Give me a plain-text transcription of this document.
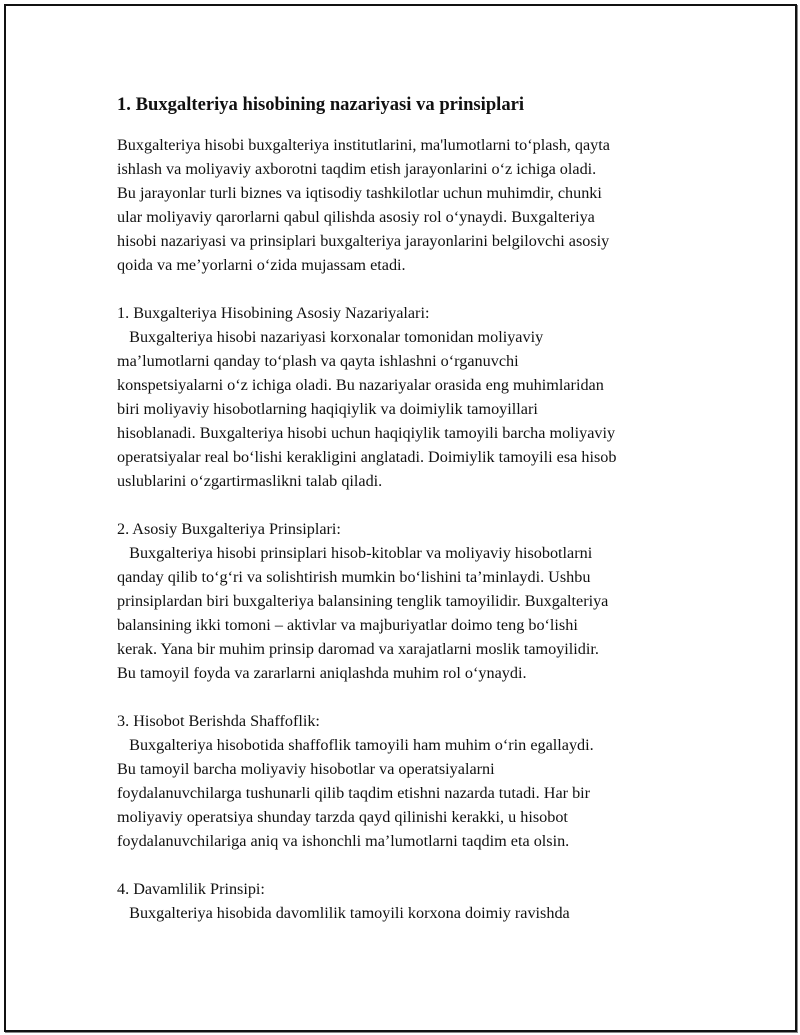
1. Buxgalteriya hisobining nazariyasi va prinsiplari
Buxgalteriya hisobi buxgalteriya institutlarini, ma'lumotlarni to‘plash, qayta
ishlash va moliyaviy axborotni taqdim etish jarayonlarini o‘z ichiga oladi.
Bu jarayonlar turli biznes va iqtisodiy tashkilotlar uchun muhimdir, chunki
ular moliyaviy qarorlarni qabul qilishda asosiy rol o‘ynaydi. Buxgalteriya
hisobi nazariyasi va prinsiplari buxgalteriya jarayonlarini belgilovchi asosiy
qoida va me’yorlarni o‘zida mujassam etadi.
1. Buxgalteriya Hisobining Asosiy Nazariyalari:
Buxgalteriya hisobi nazariyasi korxonalar tomonidan moliyaviy
ma’lumotlarni qanday to‘plash va qayta ishlashni o‘rganuvchi
konspetsiyalarni o‘z ichiga oladi. Bu nazariyalar orasida eng muhimlaridan
biri moliyaviy hisobotlarning haqiqiylik va doimiylik tamoyillari
hisoblanadi. Buxgalteriya hisobi uchun haqiqiylik tamoyili barcha moliyaviy
operatsiyalar real bo‘lishi kerakligini anglatadi. Doimiylik tamoyili esa hisob
uslublarini o‘zgartirmaslikni talab qiladi.
2. Asosiy Buxgalteriya Prinsiplari:
Buxgalteriya hisobi prinsiplari hisob-kitoblar va moliyaviy hisobotlarni
qanday qilib to‘g‘ri va solishtirish mumkin bo‘lishini ta’minlaydi. Ushbu
prinsiplardan biri buxgalteriya balansining tenglik tamoyilidir. Buxgalteriya
balansining ikki tomoni – aktivlar va majburiyatlar doimo teng bo‘lishi
kerak. Yana bir muhim prinsip daromad va xarajatlarni moslik tamoyilidir.
Bu tamoyil foyda va zararlarni aniqlashda muhim rol o‘ynaydi.
3. Hisobot Berishda Shaffoflik:
Buxgalteriya hisobotida shaffoflik tamoyili ham muhim o‘rin egallaydi.
Bu tamoyil barcha moliyaviy hisobotlar va operatsiyalarni
foydalanuvchilarga tushunarli qilib taqdim etishni nazarda tutadi. Har bir
moliyaviy operatsiya shunday tarzda qayd qilinishi kerakki, u hisobot
foydalanuvchilariga aniq va ishonchli ma’lumotlarni taqdim eta olsin.
4. Davamlilik Prinsipi:
Buxgalteriya hisobida davomlilik tamoyili korxona doimiy ravishda
